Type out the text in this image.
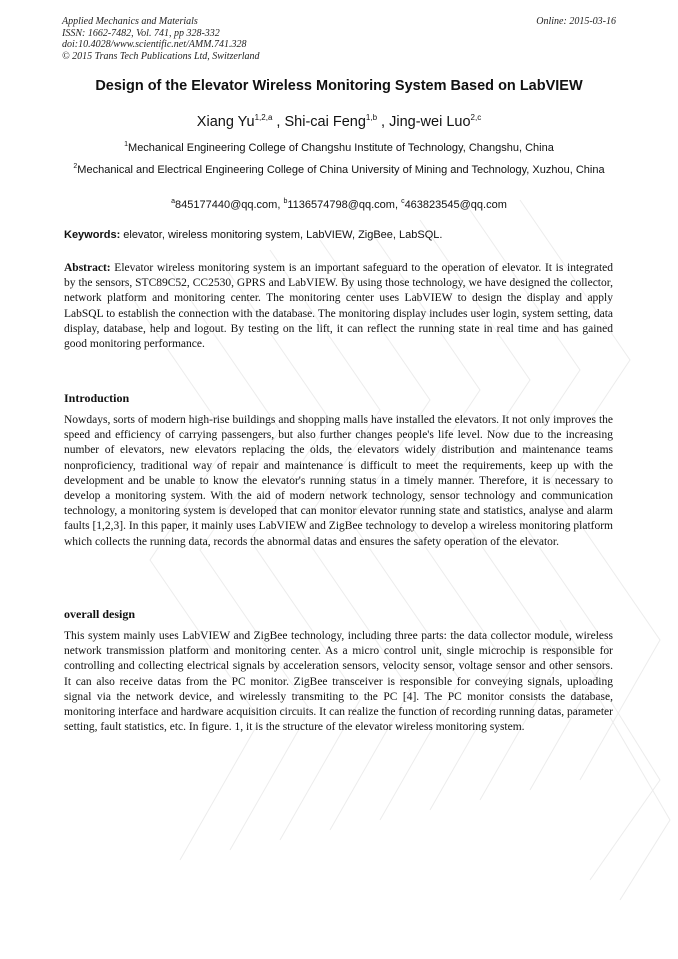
Applied Mechanics and Materials
ISSN: 1662-7482, Vol. 741, pp 328-332
doi:10.4028/www.scientific.net/AMM.741.328
© 2015 Trans Tech Publications Ltd, Switzerland
Online: 2015-03-16
Design of the Elevator Wireless Monitoring System Based on LabVIEW
Xiang Yu$^{1,2,a}$ , Shi-cai Feng$^{1,b}$ , Jing-wei Luo$^{2,c}$
$^1$Mechanical Engineering College of Changshu Institute of Technology, Changshu, China
$^2$Mechanical and Electrical Engineering College of China University of Mining and Technology, Xuzhou, China
$^a$845177440@qq.com, $^b$1136574798@qq.com, $^c$463823545@qq.com
Keywords: elevator, wireless monitoring system, LabVIEW, ZigBee, LabSQL.

Abstract: Elevator wireless monitoring system is an important safeguard to the operation of elevator. It is integrated by the sensors, STC89C52, CC2530, GPRS and LabVIEW. By using those technology, we have designed the collector, network platform and monitoring center. The monitoring center uses LabVIEW to design the display and apply LabSQL to establish the connection with the database. The monitoring display includes user login, system setting, data display, database, help and logout. By testing on the lift, it can reflect the running state in real time and has gained good monitoring performance.

Introduction

Nowdays, sorts of modern high-rise buildings and shopping malls have installed the elevators. It not only improves the speed and efficiency of carrying passengers, but also further changes people's life level. Now due to the increasing number of elevators, new elevators replacing the olds, the elevators widely distribution and maintenance teams nonproficiency, traditional way of repair and maintenance is difficult to meet the requirements, keep up with the development and be unable to know the elevator's running status in a timely manner. Therefore, it is necessary to develop a monitoring system. With the aid of modern network technology, sensor technology and communication technology, a monitoring system is developed that can monitor elevator running state and statistics, analyse and alarm faults [1,2,3]. In this paper, it mainly uses LabVIEW and ZigBee technology to develop a wireless monitoring platform which collects the running data, records the abnormal datas and ensures the safety operation of the elevator.

overall design

This system mainly uses LabVIEW and ZigBee technology, including three parts: the data collector module, wireless network transmission platform and monitoring center. As a micro control unit, single microchip is responsible for controlling and collecting electrical signals by acceleration sensors, velocity sensor, voltage sensor and other sensors. It can also receive datas from the PC monitor. ZigBee transceiver is responsible for conveying signals, uploading signal via the network device, and wirelessly transmiting to the PC [4]. The PC monitor consists the database, monitoring interface and hardware acquisition circuits. It can realize the function of recording running datas, parameter setting, fault statistics, etc. In figure. 1, it is the structure of the elevator wireless monitoring system.
